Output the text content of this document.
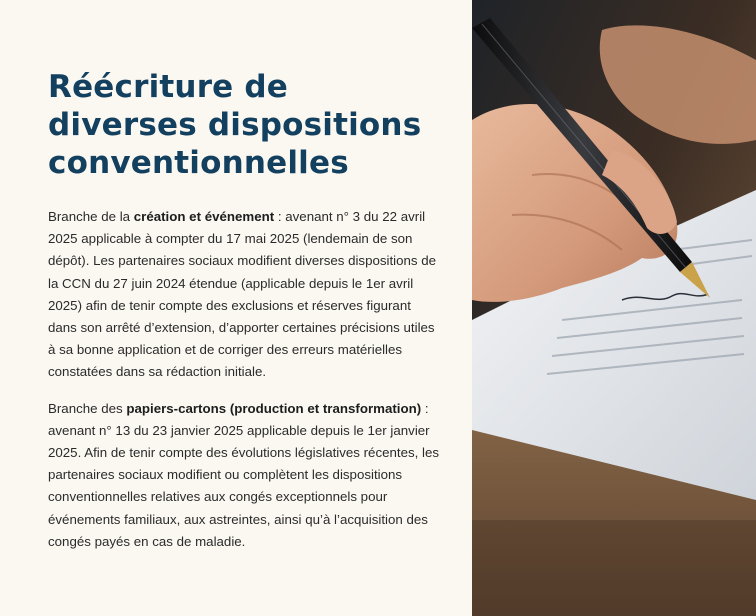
Réécriture de diverses dispositions conventionnelles

Branche de la création et événement : avenant n° 3 du 22 avril 2025 applicable à compter du 17 mai 2025 (lendemain de son dépôt). Les partenaires sociaux modifient diverses dispositions de la CCN du 27 juin 2024 étendue (applicable depuis le 1er avril 2025) afin de tenir compte des exclusions et réserves figurant dans son arrêté d’extension, d’apporter certaines précisions utiles à sa bonne application et de corriger des erreurs matérielles constatées dans sa rédaction initiale.

Branche des papiers-cartons (production et transformation) : avenant n° 13 du 23 janvier 2025 applicable depuis le 1er janvier 2025. Afin de tenir compte des évolutions législatives récentes, les partenaires sociaux modifient ou complètent les dispositions conventionnelles relatives aux congés exceptionnels pour événements familiaux, aux astreintes, ainsi qu’à l’acquisition des congés payés en cas de maladie.
